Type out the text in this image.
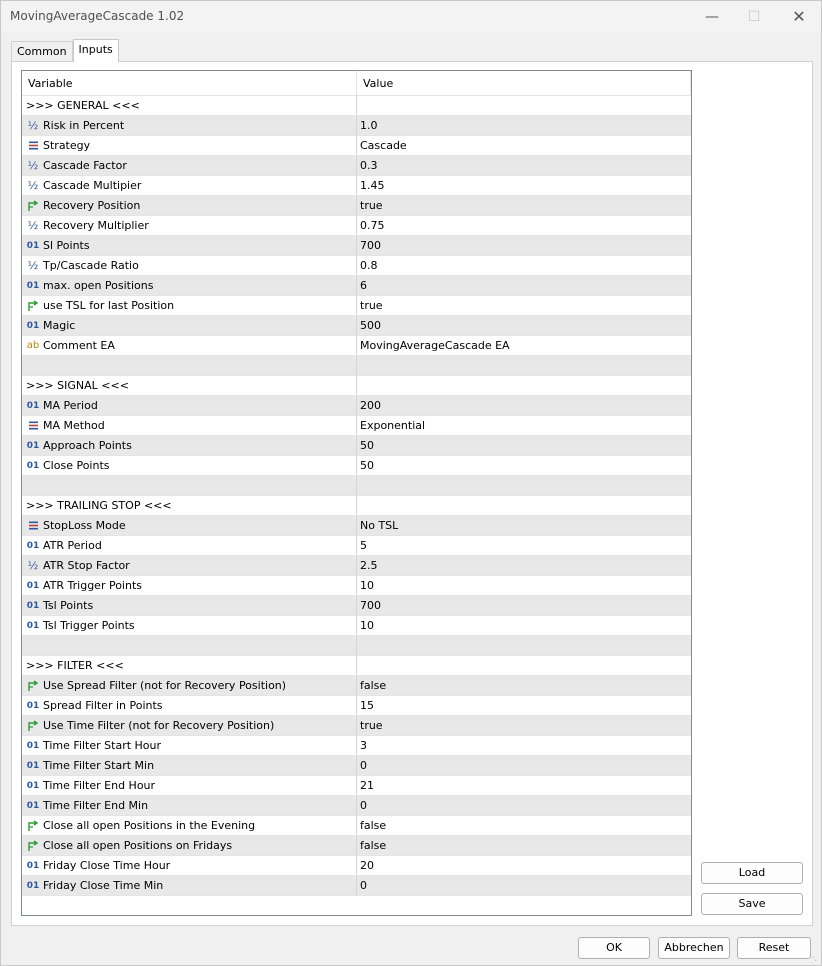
MovingAverageCascade 1.02	—	☐	✕
Common	Inputs
Variable	Value
>>> GENERAL <<<
½ Risk in Percent	1.0
Strategy	Cascade
½ Cascade Factor	0.3
½ Cascade Multipier	1.45
Recovery Position	true
½ Recovery Multiplier	0.75
01 Sl Points	700
½ Tp/Cascade Ratio	0.8
01 max. open Positions	6
use TSL for last Position	true
01 Magic	500
ab Comment EA	MovingAverageCascade EA
>>> SIGNAL <<<
01 MA Period	200
MA Method	Exponential
01 Approach Points	50
01 Close Points	50
>>> TRAILING STOP <<<
StopLoss Mode	No TSL
01 ATR Period	5
½ ATR Stop Factor	2.5
01 ATR Trigger Points	10
01 Tsl Points	700
01 Tsl Trigger Points	10
>>> FILTER <<<
Use Spread Filter (not for Recovery Position)	false
01 Spread Filter in Points	15
Use Time Filter (not for Recovery Position)	true
01 Time Filter Start Hour	3
01 Time Filter Start Min	0
01 Time Filter End Hour	21
01 Time Filter End Min	0
Close all open Positions in the Evening	false
Close all open Positions on Fridays	false
01 Friday Close Time Hour	20
01 Friday Close Time Min	0
Load
Save
OK	Abbrechen	Reset
⋱
